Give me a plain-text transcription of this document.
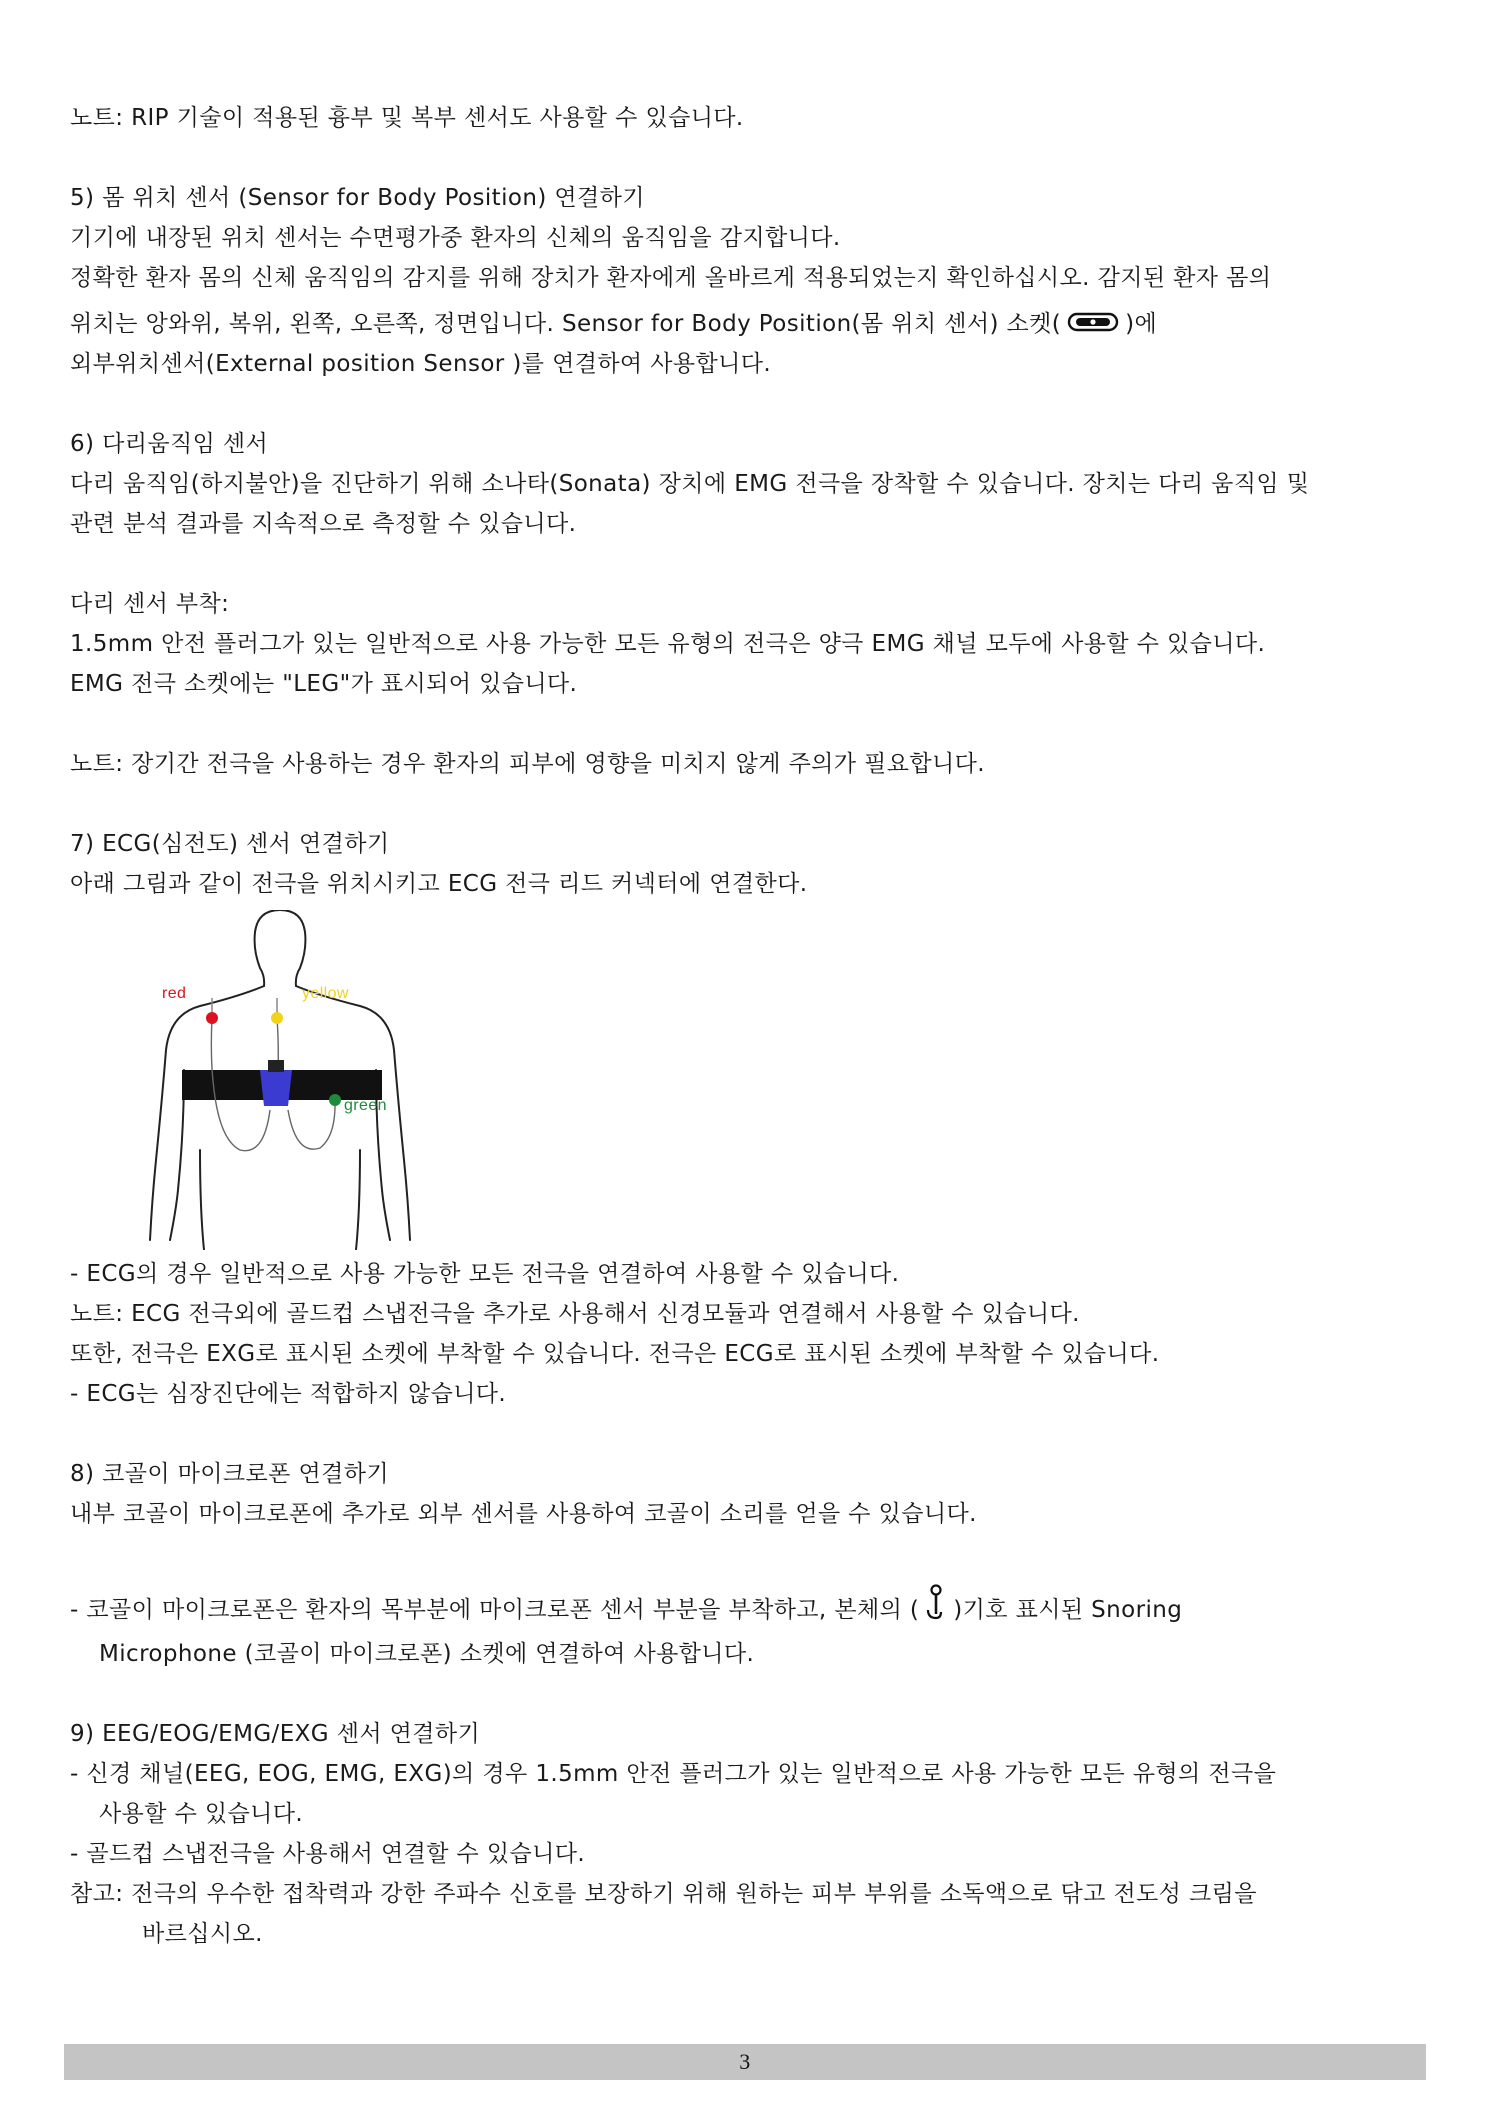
노트: RIP 기술이 적용된 흉부 및 복부 센서도 사용할 수 있습니다.
5) 몸 위치 센서 (Sensor for Body Position) 연결하기
기기에 내장된 위치 센서는 수면평가중 환자의 신체의 움직임을 감지합니다.
정확한 환자 몸의 신체 움직임의 감지를 위해 장치가 환자에게 올바르게 적용되었는지 확인하십시오. 감지된 환자 몸의
위치는 앙와위, 복위, 왼쪽, 오른쪽, 정면입니다. Sensor for Body Position(몸 위치 센서) 소켓(	)에
외부위치센서(External position Sensor )를 연결하여 사용합니다.
6) 다리움직임 센서
다리 움직임(하지불안)을 진단하기 위해 소나타(Sonata) 장치에 EMG 전극을 장착할 수 있습니다. 장치는 다리 움직임 및
관련 분석 결과를 지속적으로 측정할 수 있습니다.
다리 센서 부착:
1.5mm 안전 플러그가 있는 일반적으로 사용 가능한 모든 유형의 전극은 양극 EMG 채널 모두에 사용할 수 있습니다.
EMG 전극 소켓에는 "LEG"가 표시되어 있습니다.
노트: 장기간 전극을 사용하는 경우 환자의 피부에 영향을 미치지 않게 주의가 필요합니다.
7) ECG(심전도) 센서 연결하기
아래 그림과 같이 전극을 위치시키고 ECG 전극 리드 커넥터에 연결한다.
red	yellow
green
- ECG의 경우 일반적으로 사용 가능한 모든 전극을 연결하여 사용할 수 있습니다.
노트: ECG 전극외에 골드컵 스냅전극을 추가로 사용해서 신경모듈과 연결해서 사용할 수 있습니다.
또한, 전극은 EXG로 표시된 소켓에 부착할 수 있습니다. 전극은 ECG로 표시된 소켓에 부착할 수 있습니다.
- ECG는 심장진단에는 적합하지 않습니다.
8) 코골이 마이크로폰 연결하기
내부 코골이 마이크로폰에 추가로 외부 센서를 사용하여 코골이 소리를 얻을 수 있습니다.
- 코골이 마이크로폰은 환자의 목부분에 마이크로폰 센서 부분을 부착하고, 본체의 ( )기호 표시된 Snoring
Microphone (코골이 마이크로폰) 소켓에 연결하여 사용합니다.
9) EEG/EOG/EMG/EXG 센서 연결하기
- 신경 채널(EEG, EOG, EMG, EXG)의 경우 1.5mm 안전 플러그가 있는 일반적으로 사용 가능한 모든 유형의 전극을
사용할 수 있습니다.
- 골드컵 스냅전극을 사용해서 연결할 수 있습니다.
참고: 전극의 우수한 접착력과 강한 주파수 신호를 보장하기 위해 원하는 피부 부위를 소독액으로 닦고 전도성 크림을
바르십시오.
3
